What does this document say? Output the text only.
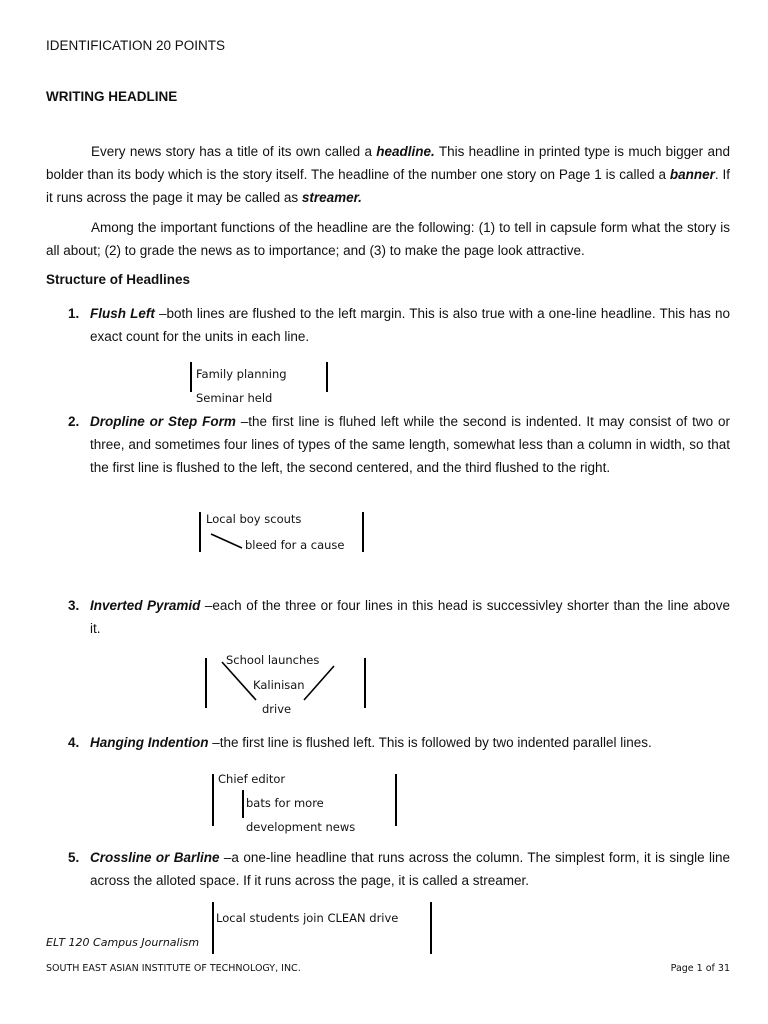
IDENTIFICATION 20 POINTS
WRITING HEADLINE

Every news story has a title of its own called a headline. This headline in printed type is much bigger and bolder than its body which is the story itself. The headline of the number one story on Page 1 is called a banner. If it runs across the page it may be called as streamer.

Among the important functions of the headline are the following: (1) to tell in capsule form what the story is all about; (2) to grade the news as to importance; and (3) to make the page look attractive.

Structure of Headlines
1. Flush Left –both lines are flushed to the left margin. This is also true with a one-line headline. This has no exact count for the units in each line.
Family planning
Seminar held
2. Dropline or Step Form –the first line is fluhed left while the second is indented. It may consist of two or three, and sometimes four lines of types of the same length, somewhat less than a column in width, so that the first line is flushed to the left, the second centered, and the third flushed to the right.
Local boy scouts
bleed for a cause
3. Inverted Pyramid –each of the three or four lines in this head is successivley shorter than the line above it.
School launches
Kalinisan
drive
4. Hanging Indention –the first line is flushed left. This is followed by two indented parallel lines.
Chief editor
bats for more
development news
5. Crossline or Barline –a one-line headline that runs across the column. The simplest form, it is single line across the alloted space. If it runs across the page, it is called a streamer.
Local students join CLEAN drive
ELT 120 Campus Journalism
SOUTH EAST ASIAN INSTITUTE OF TECHNOLOGY, INC.	Page 1 of 31
